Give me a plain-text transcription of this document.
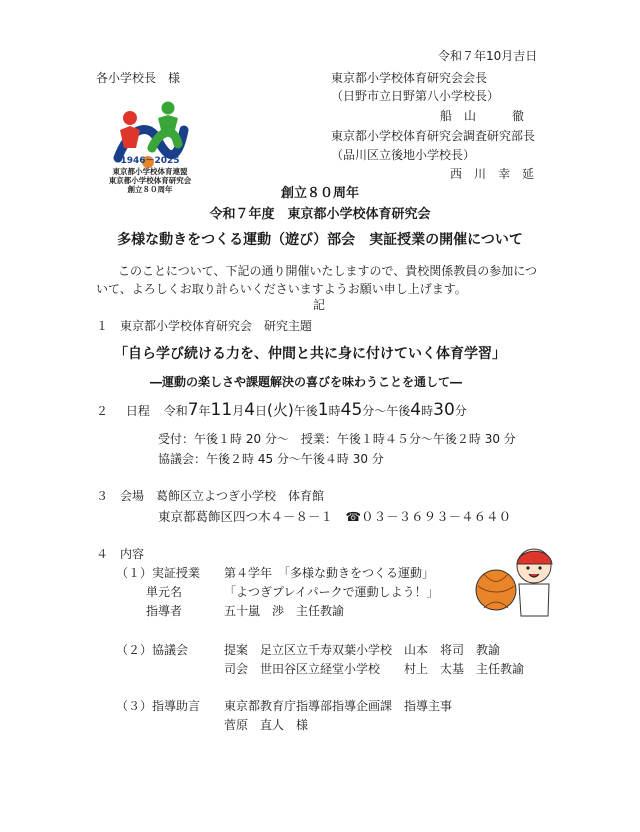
令和７年10月吉日
各小学校長　様	東京都小学校体育研究会会長
（日野市立日野第八小学校長）
船　山　　　徹
東京都小学校体育研究会調査研究部長
（品川区立後地小学校長）
西　川　幸　延
1946－2025
東京都小学校体育連盟
東京都小学校体育研究会
創立８０周年	創立８０周年
令和７年度　東京都小学校体育研究会
多様な動きをつくる運動（遊び）部会　実証授業の開催について
このことについて、下記の通り開催いたしますので、貴校関係教員の参加につ
いて、よろしくお取り計らいくださいますようお願い申し上げます。
記
１　東京都小学校体育研究会　研究主題
「自ら学び続ける力を、仲間と共に身に付けていく体育学習」
―運動の楽しさや課題解決の喜びを味わうことを通して―
２ 日程 令和7年11月4日(火)午後1時45分～午後4時30分
受付：午後１時 20 分～　授業：午後１時４５分～午後２時 30 分
協議会：午後２時 45 分～午後４時 30 分
３　会場　葛飾区立よつぎ小学校　体育館
東京都葛飾区四つ木４－８－１　☎０３－３６９３－４６４０
４　内容
（１）実証授業 第４学年　「多様な動きをつくる運動」
単元名	「よつぎプレイパークで運動しよう！」
指導者	五十嵐　渉　主任教諭
（２）協議会	提案　足立区立千寿双葉小学校　山本　将司　教諭
司会　世田谷区立経堂小学校　　村上　太基　主任教諭
（３）指導助言 東京都教育庁指導部指導企画課　指導主事
菅原　直人　様
